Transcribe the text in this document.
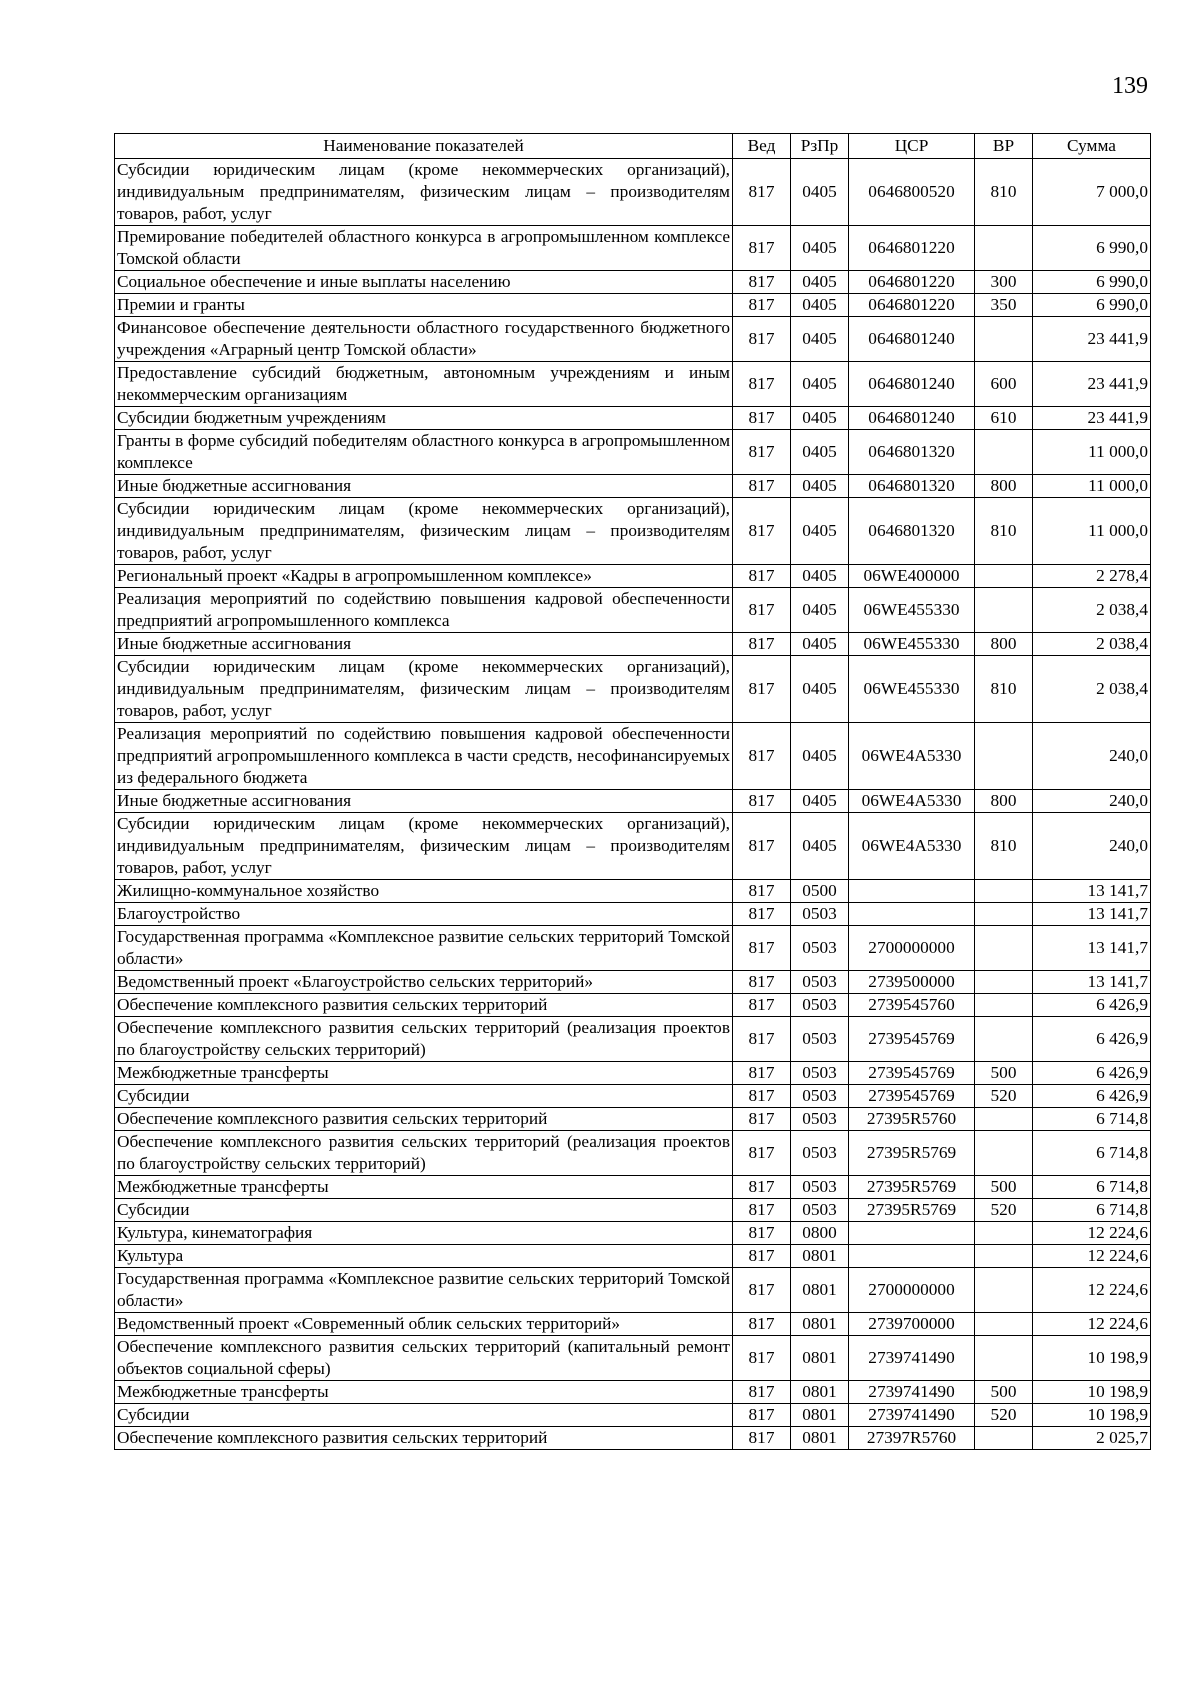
139
Наименование показателей	Вед	РзПр	ЦСР	ВР	Сумма
Субсидии юридическим лицам (кроме некоммерческих организаций), индивидуальным предпринимателям, физическим лицам – производителям товаров, работ, услуг	817	0405	0646800520	810	7 000,0
Премирование победителей областного конкурса в агропромышленном комплексе Томской области	817	0405	0646801220		6 990,0
Социальное обеспечение и иные выплаты населению	817	0405	0646801220	300	6 990,0
Премии и гранты	817	0405	0646801220	350	6 990,0
Финансовое обеспечение деятельности областного государственного бюджетного учреждения «Аграрный центр Томской области»	817	0405	0646801240		23 441,9
Предоставление субсидий бюджетным, автономным учреждениям и иным некоммерческим организациям	817	0405	0646801240	600	23 441,9
Субсидии бюджетным учреждениям	817	0405	0646801240	610	23 441,9
Гранты в форме субсидий победителям областного конкурса в агропромышленном комплексе	817	0405	0646801320		11 000,0
Иные бюджетные ассигнования	817	0405	0646801320	800	11 000,0
Субсидии юридическим лицам (кроме некоммерческих организаций), индивидуальным предпринимателям, физическим лицам – производителям товаров, работ, услуг	817	0405	0646801320	810	11 000,0
Региональный проект «Кадры в агропромышленном комплексе»	817	0405	06WE400000		2 278,4
Реализация мероприятий по содействию повышения кадровой обеспеченности предприятий агропромышленного комплекса	817	0405	06WE455330		2 038,4
Иные бюджетные ассигнования	817	0405	06WE455330	800	2 038,4
Субсидии юридическим лицам (кроме некоммерческих организаций), индивидуальным предпринимателям, физическим лицам – производителям товаров, работ, услуг	817	0405	06WE455330	810	2 038,4
Реализация мероприятий по содействию повышения кадровой обеспеченности предприятий агропромышленного комплекса в части средств, несофинансируемых из федерального бюджета	817	0405	06WE4A5330		240,0
Иные бюджетные ассигнования	817	0405	06WE4A5330	800	240,0
Субсидии юридическим лицам (кроме некоммерческих организаций), индивидуальным предпринимателям, физическим лицам – производителям товаров, работ, услуг	817	0405	06WE4A5330	810	240,0
Жилищно-коммунальное хозяйство	817	0500			13 141,7
Благоустройство	817	0503			13 141,7
Государственная программа «Комплексное развитие сельских территорий Томской области»	817	0503	2700000000		13 141,7
Ведомственный проект «Благоустройство сельских территорий»	817	0503	2739500000		13 141,7
Обеспечение комплексного развития сельских территорий	817	0503	2739545760		6 426,9
Обеспечение комплексного развития сельских территорий (реализация проектов по благоустройству сельских территорий)	817	0503	2739545769		6 426,9
Межбюджетные трансферты	817	0503	2739545769	500	6 426,9
Субсидии	817	0503	2739545769	520	6 426,9
Обеспечение комплексного развития сельских территорий	817	0503	27395R5760		6 714,8
Обеспечение комплексного развития сельских территорий (реализация проектов по благоустройству сельских территорий)	817	0503	27395R5769		6 714,8
Межбюджетные трансферты	817	0503	27395R5769	500	6 714,8
Субсидии	817	0503	27395R5769	520	6 714,8
Культура, кинематография	817	0800			12 224,6
Культура	817	0801			12 224,6
Государственная программа «Комплексное развитие сельских территорий Томской области»	817	0801	2700000000		12 224,6
Ведомственный проект «Современный облик сельских территорий»	817	0801	2739700000		12 224,6
Обеспечение комплексного развития сельских территорий (капитальный ремонт объектов социальной сферы)	817	0801	2739741490		10 198,9
Межбюджетные трансферты	817	0801	2739741490	500	10 198,9
Субсидии	817	0801	2739741490	520	10 198,9
Обеспечение комплексного развития сельских территорий	817	0801	27397R5760		2 025,7
